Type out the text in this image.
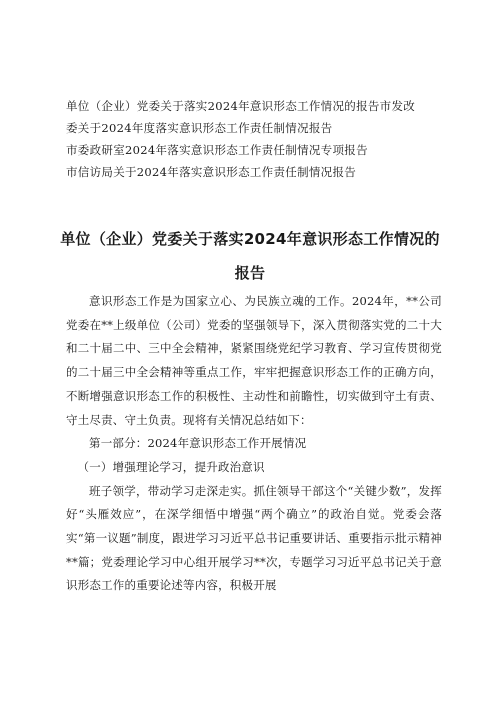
单位（企业）党委关于落实2024年意识形态工作情况的报告市发改
委关于2024年度落实意识形态工作责任制情况报告

市委政研室2024年落实意识形态工作责任制情况专项报告

市信访局关于2024年落实意识形态工作责任制情况报告

单位（企业）党委关于落实2024年意识形态工作情况的
报告

意识形态工作是为国家立心、为民族立魂的工作。2024年，**公司党委在**上级单位（公司）党委的坚强领导下，深入贯彻落实党的二十大和二十届二中、三中全会精神，紧紧围绕党纪学习教育、学习宣传贯彻党的二十届三中全会精神等重点工作，牢牢把握意识形态工作的正确方向，不断增强意识形态工作的积极性、主动性和前瞻性，切实做到守土有责、守土尽责、守土负责。现将有关情况总结如下：

第一部分：2024年意识形态工作开展情况

（一）增强理论学习，提升政治意识

班子领学，带动学习走深走实。抓住领导干部这个“关键少数”，发挥好“头雁效应”，在深学细悟中增强“两个确立”的政治自觉。党委会落实“第一议题”制度，跟进学习习近平总书记重要讲话、重要指示批示精神**篇；党委理论学习中心组开展学习**次，专题学习习近平总书记关于意识形态工作的重要论述等内容，积极开展
